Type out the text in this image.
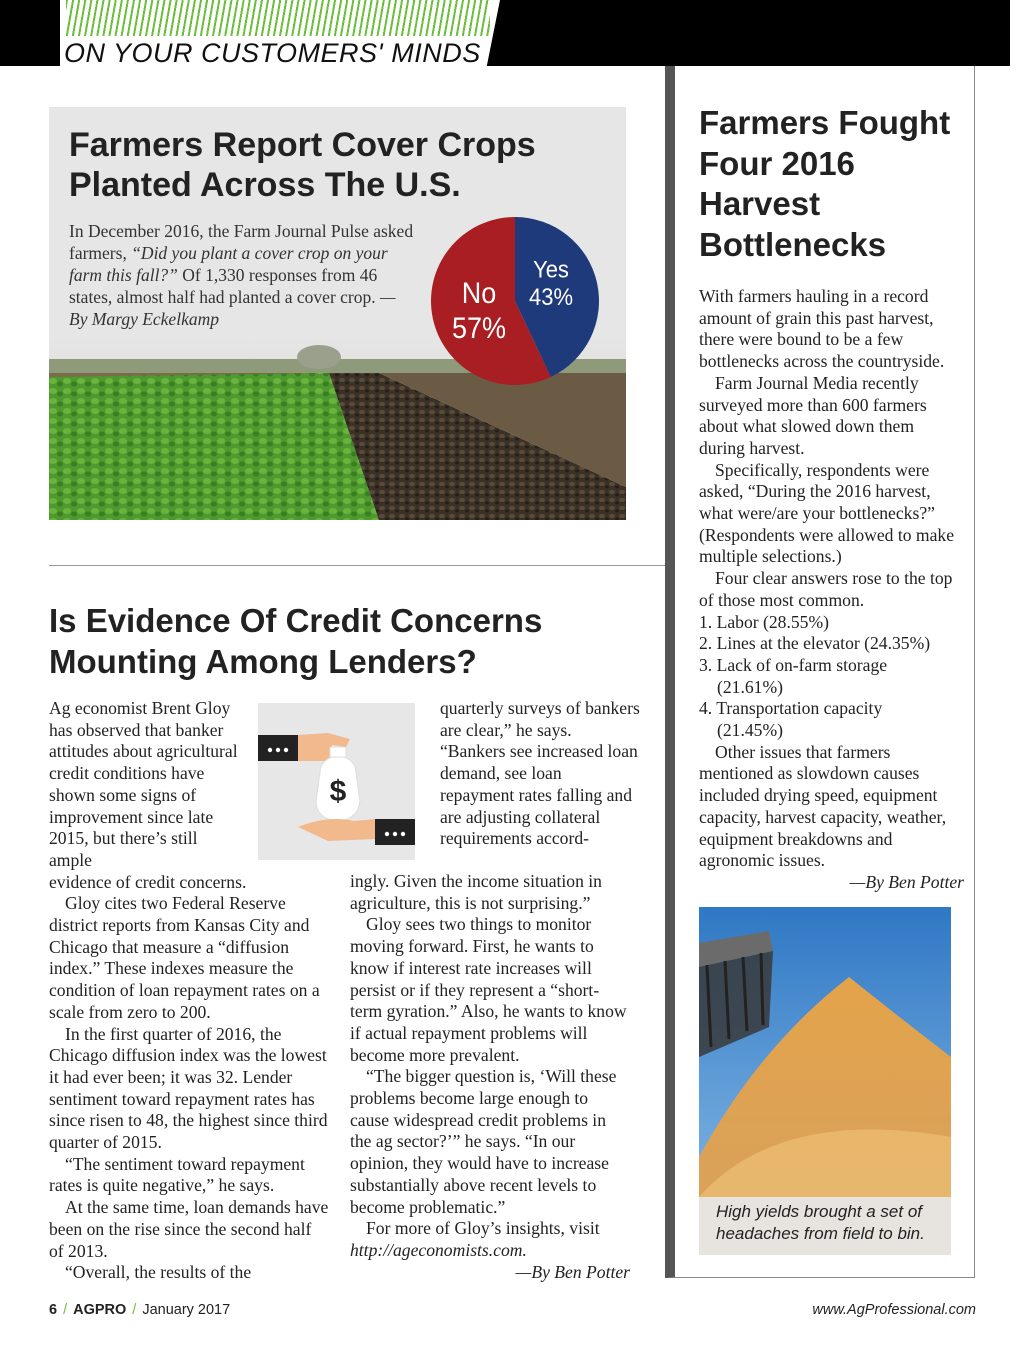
ON YOUR CUSTOMERS' MINDS
Farmers Report Cover Crops Planted Across The U.S.
In December 2016, the Farm Journal Pulse asked farmers, “Did you plant a cover crop on your farm this fall?” Of 1,330 responses from 46 states, almost half had planted a cover crop. —By Margy Eckelkamp
No
57%
Yes
43%
Is Evidence Of Credit Concerns Mounting Among Lenders?
$

Ag economist Brent Gloy has observed that banker attitudes about agricultural credit conditions have shown some signs of improvement since late 2015, but there’s still ample

evidence of credit concerns.

Gloy cites two Federal Reserve district reports from Kansas City and Chicago that measure a “diffusion index.” These indexes measure the condition of loan repayment rates on a scale from zero to 200.

In the first quarter of 2016, the Chicago diffusion index was the lowest it had ever been; it was 32. Lender sentiment toward repayment rates has since risen to 48, the highest since third quarter of 2015.

“The sentiment toward repayment rates is quite negative,” he says.

At the same time, loan demands have been on the rise since the second half of 2013.

“Overall, the results of the

quarterly surveys of bankers are clear,” he says. “Bankers see increased loan demand, see loan repayment rates falling and are adjusting collateral requirements accord-

ingly. Given the income situation in agriculture, this is not surprising.”

Gloy sees two things to monitor moving forward. First, he wants to know if interest rate increases will persist or if they represent a “short-term gyration.” Also, he wants to know if actual repayment problems will become more prevalent.

“The bigger question is, ‘Will these problems become large enough to cause widespread credit problems in the ag sector?’” he says. “In our opinion, they would have to increase substantially above recent levels to become problematic.”

For more of Gloy’s insights, visit http://ageconomists.com.

—By Ben Potter

Farmers Fought Four 2016 Harvest Bottlenecks

With farmers hauling in a record amount of grain this past harvest, there were bound to be a few bottlenecks across the countryside.

Farm Journal Media recently surveyed more than 600 farmers about what slowed down them during harvest.

Specifically, respondents were asked, “During the 2016 harvest, what were/are your bottlenecks?” (Respondents were allowed to make multiple selections.)

Four clear answers rose to the top of those most common.

1. Labor (28.55%)

2. Lines at the elevator (24.35%)

3. Lack of on-farm storage

(21.61%)

4. Transportation capacity

(21.45%)

Other issues that farmers mentioned as slowdown causes included drying speed, equipment capacity, harvest capacity, weather, equipment breakdowns and agronomic issues.

—By Ben Potter

High yields brought a set of headaches from field to bin.
6 / AGPRO / January 2017	www.AgProfessional.com
